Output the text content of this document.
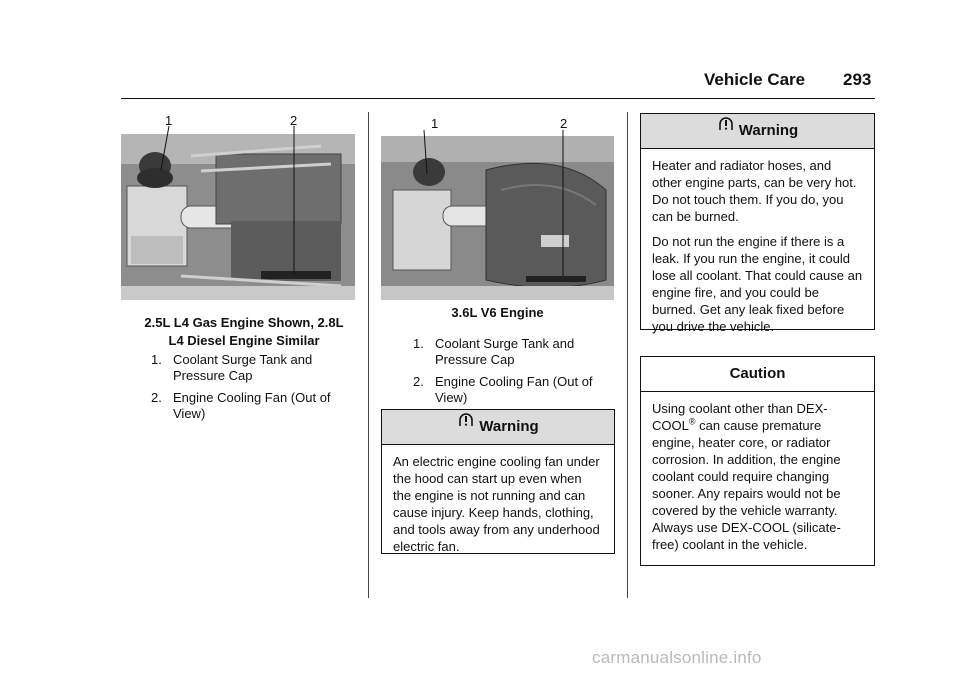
Vehicle Care 293
1	2
2.5L L4 Gas Engine Shown, 2.8L
L4 Diesel Engine Similar
1. Coolant Surge Tank and Pressure Cap
2. Engine Cooling Fan (Out of View)
1	2
3.6L V6 Engine
1. Coolant Surge Tank and Pressure Cap
2. Engine Cooling Fan (Out of View)
Warning
An electric engine cooling fan under the hood can start up even when the engine is not running and can cause injury. Keep hands, clothing, and tools away from any underhood electric fan.
Warning

Heater and radiator hoses, and other engine parts, can be very hot. Do not touch them. If you do, you can be burned.

Do not run the engine if there is a leak. If you run the engine, it could lose all coolant. That could cause an engine fire, and you could be burned. Get any leak fixed before you drive the vehicle.

Caution
Using coolant other than DEX-COOL® can cause premature engine, heater core, or radiator corrosion. In addition, the engine coolant could require changing sooner. Any repairs would not be covered by the vehicle warranty. Always use DEX-COOL (silicate-free) coolant in the vehicle.
carmanualsonline.info
